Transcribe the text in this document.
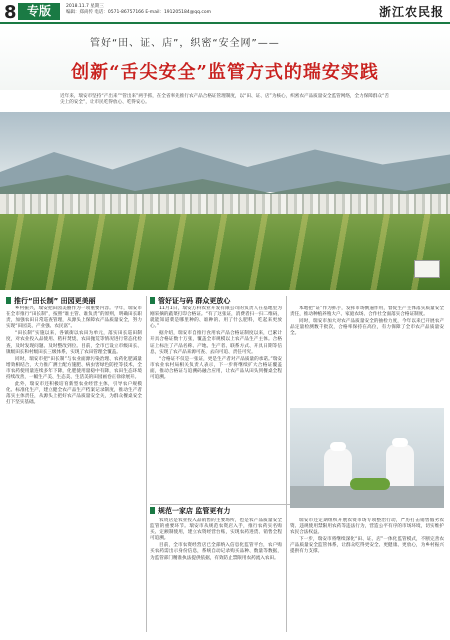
8 专版	2018.11.7 星期三
编辑：郑尚传 电话：0571-86757166 E-mail：191205184@qq.com	浙江农民报
管好“田、证、店”，织密“安全网”——
创新“舌尖安全”监管方式的瑞安实践
近年来，瑞安市坚持“产出来”“管出来”两手抓，在全省率先推行农产品合格证管理制度，以“田、证、店”为核心，织密农产品质量安全监管网络，全力保障群众“舌尖上的安全”，让市民吃得放心、吃得安心。
推行“田长制” 田园更美丽	管好证与码 群众更放心
规范一家店 监管更有力

乡村振兴，瑞安把田园美丽作为一项重要内容。今年，瑞安市在全市推行“田长制”，按照“谁主管、谁负责”的原则，明确田长职责，加强农田日常巡查管理，从源头上保障农产品质量安全，努力实现“田园美、产业强、农民富”。

“田长制”实施以来，各镇街以农田为单元，落实田长巡田制度，对农业投入品使用、秸秆焚烧、农田抛荒等情况进行常态化检查，及时发现问题、及时整改到位。目前，全市已设立市级田长、镇级田长和村级田长三级体系，实现了农田管理全覆盖。

同时，瑞安市把“田长制”与农业面源污染治理、农药化肥减量增效相结合，大力推广测土配方施肥、病虫害绿色防控等技术，全市农药使用量连续多年下降，化肥使用量稳中有降，农田生态环境持续改善，一幅生产美、生态美、生活美的田园画卷正徐徐展开。

此外，瑞安市还积极培育新型农业经营主体，引导农户规模化、标准化生产，建立健全农产品生产档案记录制度，推动生产者落实主体责任，从源头上把好农产品质量安全关，为群众餐桌安全打下坚实基础。

11月1日，瑞安万科农业开发有限公司的负责人在基地里为刚采摘的蔬菜打印合格证。“有了这张证，消费者扫一扫二维码，就能知道菜是哪里种的、谁种的、用了什么肥料，吃起来更放心。”

据介绍，瑞安市自推行食用农产品合格证制度以来，已累计开具合格证数十万张，覆盖全市规模以上农产品生产主体。合格证上标注了产品名称、产地、生产者、联系方式、开具日期等信息，实现了农产品来源可查、去向可追、责任可究。

“合格证不仅是一张证，更是生产者对产品质量的承诺。”瑞安市农业农村局相关负责人表示，下一步将继续扩大合格证覆盖面，推动合格证与追溯码融合应用，让农产品从田头到餐桌全程可追溯。

本地把“证”作为抓手，发挥市场倒逼作用，督促生产主体落实质量安全责任，推动种植养殖大户、家庭农场、合作社全面落实合格证制度。

同时，瑞安市加大对农产品质量安全的抽检力度，今年以来已开展农产品定量检测数千批次，合格率保持在高位，有力保障了全市农产品质量安全。

农资店是农业投入品销售的主要场所，也是农产品质量安全监管的重要环节。瑞安市从规范农资店入手，推行农药实名购买、定额制使用，建立农资经营台账，实现农药进货、销售全程可追溯。

目前，全市农资经营店已全部纳入信息化监管平台，农户购买农药需出示身份信息，系统自动记录购买品种、数量等数据，为监管部门精准执法提供依据，有效防止禁限用农药流入农田。

瑞安市还定期组织开展农资市场专项整治行动，严厉打击销售假劣农资、违规使用禁限用农药等违法行为，营造公平有序的市场环境，切实维护农民合法权益。

下一步，瑞安市将继续深化“田、证、店”一体化监管模式，不断完善农产品质量安全监管体系，让群众吃得更安全、更健康、更放心，为乡村振兴提供有力支撑。
